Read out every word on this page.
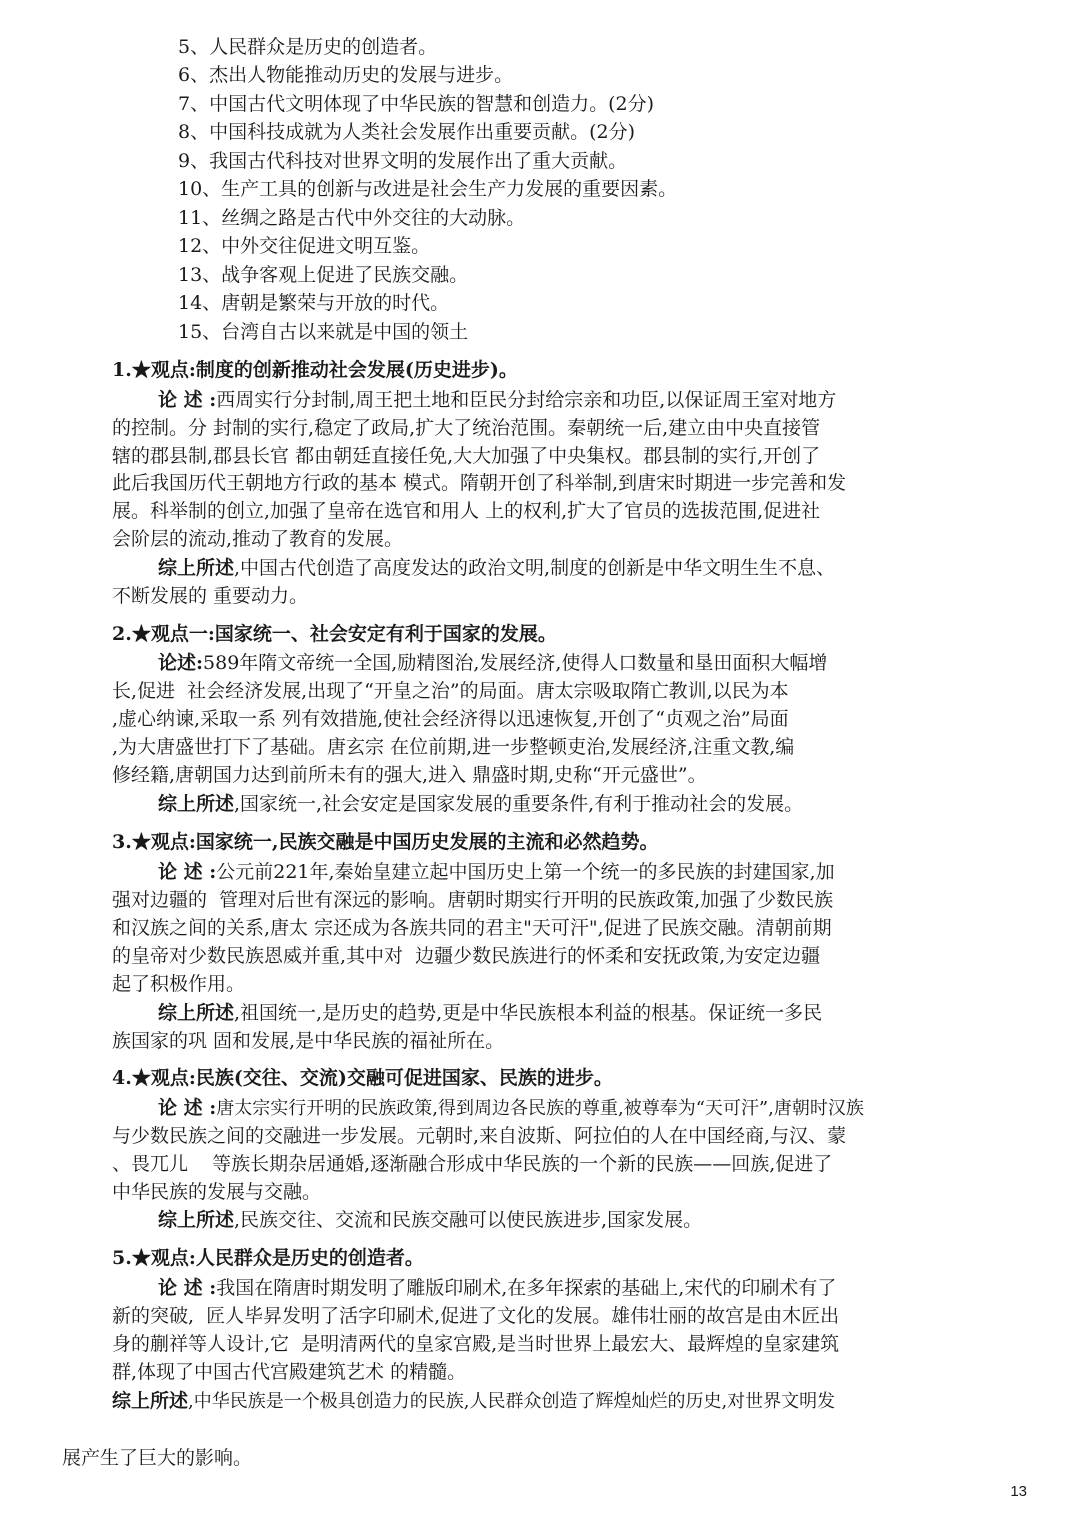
5、人民群众是历史的创造者。
6、杰出人物能推动历史的发展与进步。
7、中国古代文明体现了中华民族的智慧和创造力。(2分)
8、中国科技成就为人类社会发展作出重要贡献。(2分)
9、我国古代科技对世界文明的发展作出了重大贡献。
10、生产工具的创新与改进是社会生产力发展的重要因素。
11、丝绸之路是古代中外交往的大动脉。
12、中外交往促进文明互鉴。
13、战争客观上促进了民族交融。
14、唐朝是繁荣与开放的时代。
15、台湾自古以来就是中国的领土
1.★观点:制度的创新推动社会发展(历史进步)。
论 述 :西周实行分封制,周王把土地和臣民分封给宗亲和功臣,以保证周王室对地方
的控制。分 封制的实行,稳定了政局,扩大了统治范围。秦朝统一后,建立由中央直接管
辖的郡县制,郡县长官 都由朝廷直接任免,大大加强了中央集权。郡县制的实行,开创了
此后我国历代王朝地方行政的基本 模式。隋朝开创了科举制,到唐宋时期进一步完善和发
展。科举制的创立,加强了皇帝在选官和用人 上的权利,扩大了官员的选拔范围,促进社
会阶层的流动,推动了教育的发展。
综上所述,中国古代创造了高度发达的政治文明,制度的创新是中华文明生生不息、
不断发展的 重要动力。
2.★观点一:国家统一、社会安定有利于国家的发展。
论述:589年隋文帝统一全国,励精图治,发展经济,使得人口数量和垦田面积大幅增
长,促进  社会经济发展,出现了“开皇之治”的局面。唐太宗吸取隋亡教训,以民为本
,虚心纳谏,采取一系 列有效措施,使社会经济得以迅速恢复,开创了“贞观之治”局面
,为大唐盛世打下了基础。唐玄宗 在位前期,进一步整顿吏治,发展经济,注重文教,编
修经籍,唐朝国力达到前所未有的强大,进入 鼎盛时期,史称“开元盛世”。
综上所述,国家统一,社会安定是国家发展的重要条件,有利于推动社会的发展。
3.★观点:国家统一,民族交融是中国历史发展的主流和必然趋势。
论 述 :公元前221年,秦始皇建立起中国历史上第一个统一的多民族的封建国家,加
强对边疆的  管理对后世有深远的影响。唐朝时期实行开明的民族政策,加强了少数民族
和汉族之间的关系,唐太 宗还成为各族共同的君主"天可汗",促进了民族交融。清朝前期
的皇帝对少数民族恩威并重,其中对  边疆少数民族进行的怀柔和安抚政策,为安定边疆
起了积极作用。
综上所述,祖国统一,是历史的趋势,更是中华民族根本利益的根基。保证统一多民
族国家的巩 固和发展,是中华民族的福祉所在。
4.★观点:民族(交往、交流)交融可促进国家、民族的进步。
论 述 :唐太宗实行开明的民族政策,得到周边各民族的尊重,被尊奉为“天可汗”,唐朝时汉族
与少数民族之间的交融进一步发展。元朝时,来自波斯、阿拉伯的人在中国经商,与汉、蒙
、畏兀儿    等族长期杂居通婚,逐渐融合形成中华民族的一个新的民族——回族,促进了
中华民族的发展与交融。
综上所述,民族交往、交流和民族交融可以使民族进步,国家发展。
5.★观点:人民群众是历史的创造者。
论 述 :我国在隋唐时期发明了雕版印刷术,在多年探索的基础上,宋代的印刷术有了
新的突破,  匠人毕昇发明了活字印刷术,促进了文化的发展。雄伟壮丽的故宫是由木匠出
身的蒯祥等人设计,它  是明清两代的皇家宫殿,是当时世界上最宏大、最辉煌的皇家建筑
群,体现了中国古代宫殿建筑艺术 的精髓。
综上所述,中华民族是一个极具创造力的民族,人民群众创造了辉煌灿烂的历史,对世界文明发
展产生了巨大的影响。
13
